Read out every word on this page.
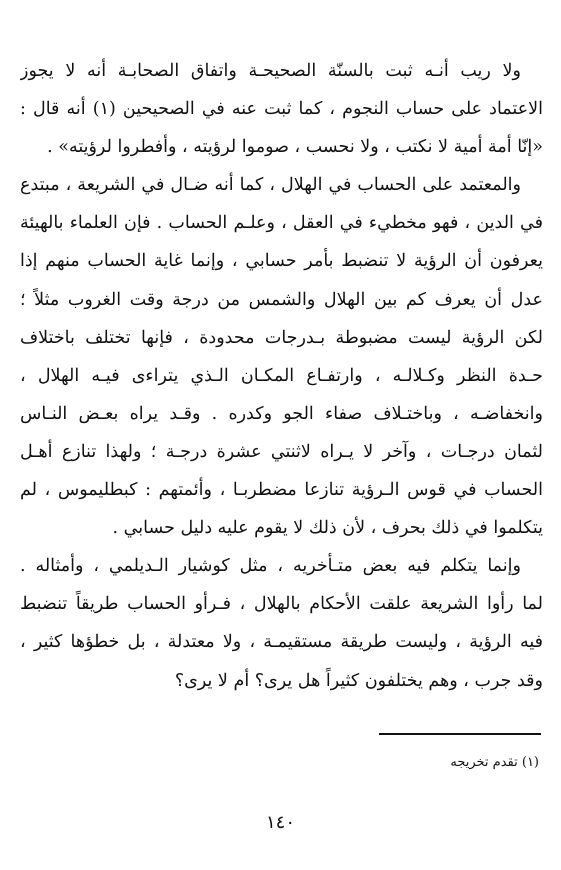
ولا ريب أنـه ثبت بالسنّة الصحيحـة واتفاق الصحابـة أنه لا يجوز
الاعتماد على حساب النجوم ، كما ثبت عنه في الصحيحين (١) أنه قال :
«إنّا أمة أمية لا نكتب ، ولا نحسب ، صوموا لرؤيته ، وأفطروا لرؤيته» .
والمعتمد على الحساب في الهلال ، كما أنه ضـال في الشريعة ، مبتدع
في الدين ، فهو مخطيء في العقل ، وعلـم الحساب . فإن العلماء بالهيئة
يعرفون أن الرؤية لا تنضبط بأمر حسابي ، وإنما غاية الحساب منهم إذا
عدل أن يعرف كم بين الهلال والشمس من درجة وقت الغروب مثلاً ؛
لكن الرؤية ليست مضبوطة بـدرجات محدودة ، فإنها تختلف باختلاف
حـدة النظر وكـلالـه ، وارتفـاع المكـان الـذي يتراءى فيـه الهلال ،
وانخفاضـه ، وباختـلاف صفاء الجو وكدره . وقـد يراه بعـض النـاس
لثمان درجـات ، وآخر لا يـراه لاثنتي عشرة درجـة ؛ ولهذا تنازع أهـل
الحساب في قوس الـرؤية تنازعا مضطربـا ، وأئمتهم : كبطليموس ، لم
يتكلموا في ذلك بحرف ، لأن ذلك لا يقوم عليه دليل حسابي .
وإنما يتكلم فيه بعض متـأخريه ، مثل كوشيار الـديلمي ، وأمثاله .
لما رأوا الشريعة علقت الأحكام بالهلال ، فـرأو الحساب طريقاً تنضبط
فيه الرؤية ، وليست طريقة مستقيمـة ، ولا معتدلة ، بل خطؤها كثير ،
وقد جرب ، وهم يختلفون كثيراً هل يرى؟ أم لا يرى؟
(١) تقدم تخريجه
١٤٠
